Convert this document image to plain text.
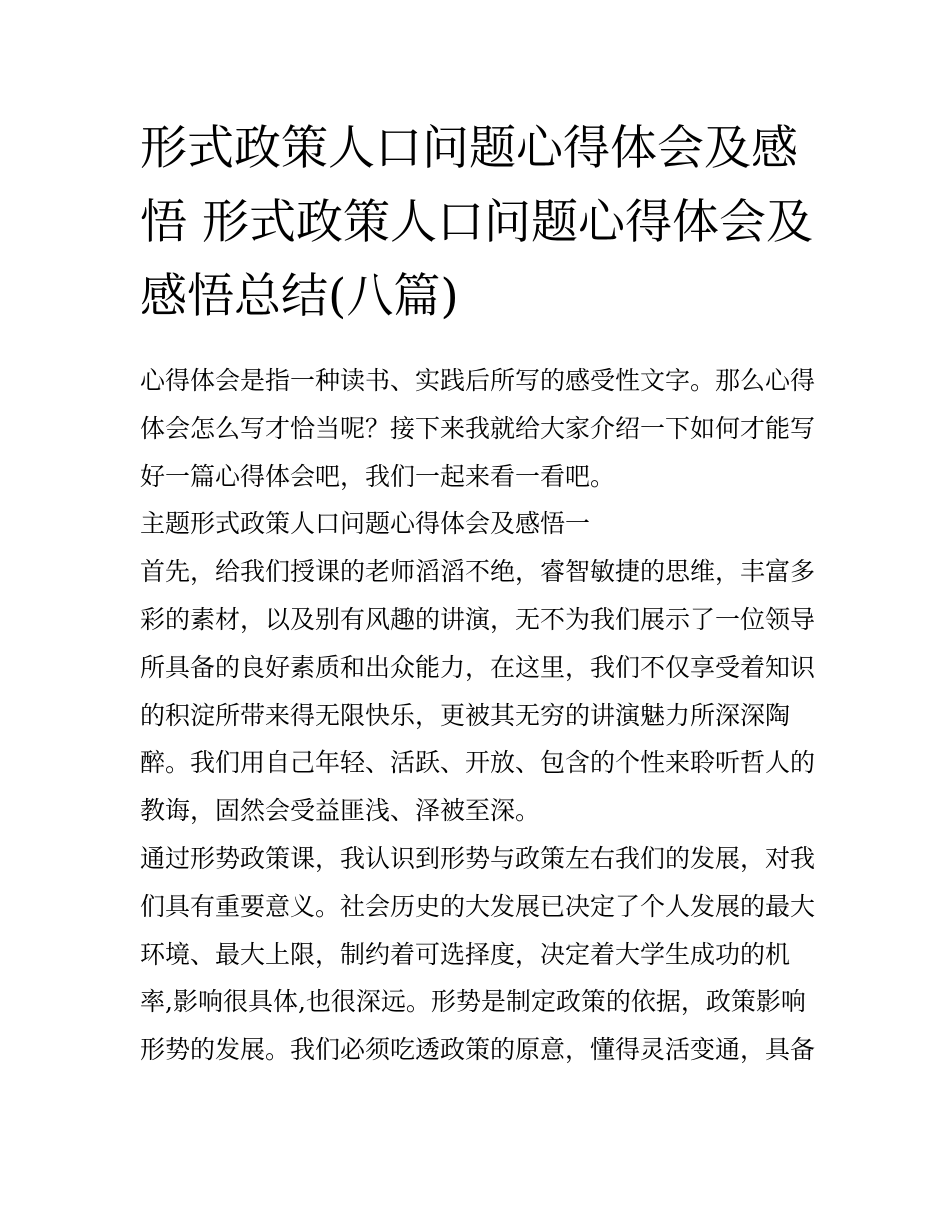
形式政策人口问题心得体会及感悟 形式政策人口问题心得体会及感悟总结(八篇)

心得体会是指一种读书、实践后所写的感受性文字。那么心得体会怎么写才恰当呢？接下来我就给大家介绍一下如何才能写好一篇心得体会吧，我们一起来看一看吧。

主题形式政策人口问题心得体会及感悟一

首先，给我们授课的老师滔滔不绝，睿智敏捷的思维，丰富多彩的素材，以及别有风趣的讲演，无不为我们展示了一位领导所具备的良好素质和出众能力，在这里，我们不仅享受着知识的积淀所带来得无限快乐，更被其无穷的讲演魅力所深深陶醉。我们用自己年轻、活跃、开放、包含的个性来聆听哲人的教诲，固然会受益匪浅、泽被至深。

通过形势政策课，我认识到形势与政策左右我们的发展，对我们具有重要意义。社会历史的大发展已决定了个人发展的最大环境、最大上限，制约着可选择度，决定着大学生成功的机率,影响很具体,也很深远。形势是制定政策的依据，政策影响形势的发展。我们必须吃透政策的原意，懂得灵活变通，具备
